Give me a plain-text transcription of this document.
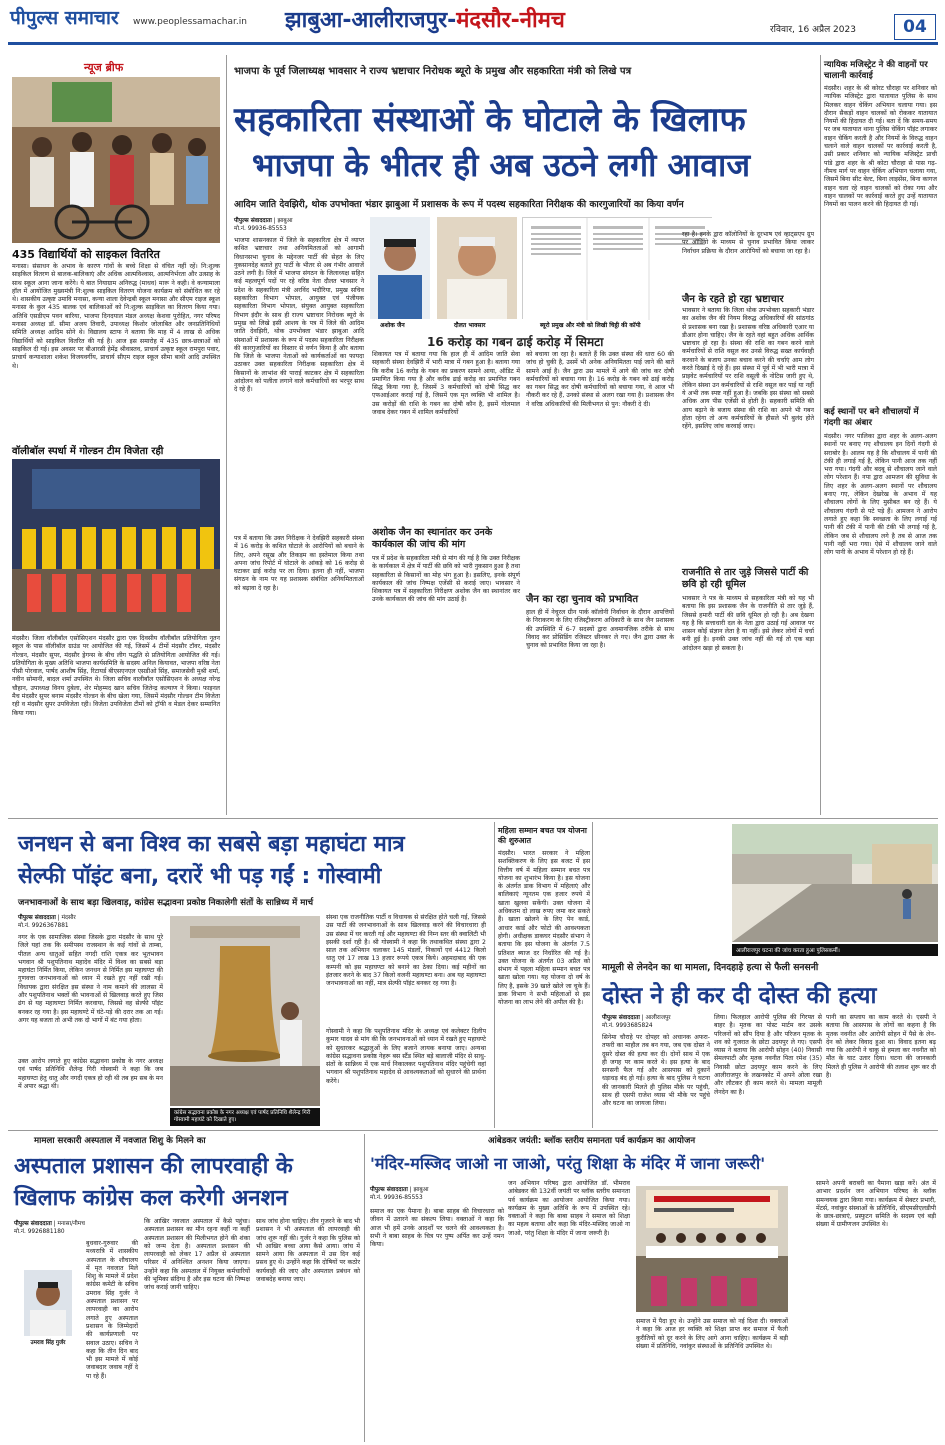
पीपुल्स समाचार www.peoplessamachar.in झाबुआ-आलीराजपुर-मंदसौर-नीमच	रविवार, 16 अप्रैल 2023	04
न्यूज ब्रीफ
435 विद्यार्थियों को साइकल वितरित
मनासा। संसाधन के अभाव के कारण गांवों के बच्चे शिक्षा से वंचित नहीं रहें। नि:शुल्क साइकिल वितरण से बालक-बालिकाएं और अधिक आत्मविश्वास, आत्मनिर्भरता और उत्साह के साथ स्कूल आना जाना करेंगे। ये बात नियाग्राम अनिरुद्ध (माधव) मारू ने कही। वे कन्यामाला हॉल में आयोजित मुख्यमंत्री नि:शुल्क साइकिल वितरण योजना कार्यक्रम को संबोधित कर रहे थे। शासकीय उत्कृष्ट उमावि मनासा, कन्या शाला देवेन्द्रबी स्कूल मनासा और सीएम राइज स्कूल मनासा के कुल 435 बालक एवं बालिकाओं को नि:शुल्क साइकिल का वितरण किया गया। अतिथि एसडीएम पवन बारिया, भाजपा दिनदयाल मंडल अध्यक्ष केशवा पुरोहित, नगर परिषद मनासा अध्यक्ष डॉ. सीमा अजय तिवारी, उपाध्यक्ष किशोर जोलाबित और जनप्रतिनिधियों समिति अध्यक्ष आदिम सोने थे। विद्यालय स्टाफ ने बताया कि माह में 4 लाख से अधिक विद्यार्थियों को साइकिल वितरित की गई है। आज इस समारोह में 435 छात्र-छात्राओं को साइकिल दी गई। इस अवसर पर बीआरसी हेमेंद्र श्रीवास्तव, प्राचार्य उत्कृष्ट स्कूल रामपुरा पवार, प्राचार्य कन्याशाला शकेश विजयवर्गीय, प्राचार्य सीएम राइज स्कूल सीमा बाथी आदि उपस्थित थे।
वॉलीबॉल स्पर्धा में गोल्डन टीम विजेता रही
मंदसौर। जिला वॉलीबॉल एसोसिएशन मंदसौर द्वारा एक दिवसीय वॉलीबॉल प्रतियोगिता नूतन स्कूल के पास वॉलीबॉल ग्राउंड पर आयोजित की गई, जिसमें 4 टीमों मंदसौर टॉवर, मंदसौर गोल्डन, मंदसौर सुपर, मंदसौर ड्रेगन्स के बीच लीग पद्धति से प्रतियोगिता आयोजित की गई। प्रतियोगिता के मुख्य अतिथि भाजपा कार्यसमिति के सदस्य अनिल कियावत, भाजपा वरिष्ठ नेता पीसी पोरवाल, पार्षद आशीष सिंह, रिटायर्ड बीएसएनएल एसडीओ सिंह, समाजसेवी मुश्री शर्मा, नवीन सोमानी, बादल शर्मा उपस्थित थे। जिला सचिव वालीबॉल एसोसिएशन के अध्यक्ष नरेन्द्र चौहान, उपाध्यक्ष विनय दुबेला, शेर मोहम्मद खान सचिव जितेन्द्र कल्याण ने किया। फाइनल मैच मंदसौर सुपर बनाम मंदसौर गोल्डन के बीच खेला गया, जिसमें मंदसौर गोल्डन टीम विजेता रही व मंदसौर सुपर उपविजेता रही। विजेता उपविजेता टीमों को ट्रॉफी व मेडल देकर सम्मानित किया गया।
भाजपा के पूर्व जिलाध्यक्ष भावसार ने राज्य भ्रष्टाचार निरोधक ब्यूरो के प्रमुख और सहकारिता मंत्री को लिखे पत्र
सहकारिता संस्थाओं के घोटाले के खिलाफ
भाजपा के भीतर ही अब उठने लगी आवाज
आदिम जाति देवझिरी, थोक उपभोक्ता भंडार झाबुआ में प्रशासक के रूप में पदस्थ सहकारिता निरीक्षक की कारगुजारियों का किया वर्णन
पीपुल्स संवाददाता | झाबुआ
मो.नं. 99936-85553
भाजपा शासनकाल में जिले के सहकारिता क्षेत्र में व्याप्त कथित भ्रष्टाचार तथा अनियमितताओं को आगामी विधानसभा चुनाव के मद्देनजर पार्टी की सेहत के लिए नुकसानदेह बताते हुए पार्टी के भीतर से अब गंभीर आवाजें उठने लगी है। जिले में भाजपा संगठन के जिलाध्यक्ष सहित कई महत्वपूर्ण पदों पर रहे वरिष्ठ नेता दौलत भावसार ने प्रदेश के सहकारिता मंत्री अरविंद भदौरिया, प्रमुख सचिव सहकारिता विभाग भोपाल, आयुक्त एवं पंजीयक सहकारिता विभाग भोपाल, संयुक्त आयुक्त सहकारिता विभाग इंदौर के साथ ही राज्य भ्रष्टाचार निरोधक ब्यूरो के प्रमुख को लिखे इसी आशय के पत्र में जिले की आदिम जाति देवझिरी, थोक उपभोक्ता भंडार झाबुआ आदि संस्थाओं में प्रशासक के रूप में पदस्थ सहकारिता निरीक्षक की कारगुजारियों का विस्तार से वर्णन किया है और बताया कि जिले के भाजपा नेताओं को कार्यकर्ताओं का फायदा उठाकर उक्त सहकारिता निरीक्षक सहकारिता क्षेत्र में किसानों के लाभांश की पाराई काटकर क्षेत्र में सहकारिता आंदोलन को पलीता लगाने वाले कर्मचारियों का भरपूर साथ दे रहे हैं।
पत्र में बताया कि उक्त निरीक्षक ने देवझिरी सहकारी संस्था में 16 करोड़ के कथित घोटाले के आरोपियों को बचाने के लिए, अपने रसूख और तिकड़म का इस्तेमाल किया तथा अपना जांच रिपोर्ट में घोटाले के आंकड़े को 16 करोड़ से घटाकर ढाई करोड़ पर ला दिया। इतना ही नहीं, भाजपा संगठन के नाम पर यह प्रशासक संबंधित अनियमितताओं को बढ़ावा दे रहा है।
अशोक जैन	दौलत भावसार	ब्यूरो प्रमुख और मंत्री को लिखी चिट्ठी की कॉपी
16 करोड़ का गबन ढाई करोड़ में सिमटा
शिकायत पत्र में बताया गया कि हाल ही में आदिम जाति सेवा सहकारी संस्था देवझिरी में भारी मात्रा में गबन हुआ है। बताया गया कि करीब 16 करोड़ के गबन का प्रकरण सामने आया, ऑडिट में प्रमाणित किया गया है और करीब ढाई करोड़ का प्रमाणित गबन सिद्ध किया गया है, जिसमें 3 कर्मचारियों को दोषी सिद्ध कर एफआईआर कराई गई है, जिसमें एक मृत व्यक्ति भी शामिल है। उस करोड़ों की राशि के गबन का दोषी कौन है, इसमें गोलमाल जवाब देकर गबन में शामिल कर्मचारियों
को बचाया जा रहा है। बताते हैं कि उक्त संस्था की धारा 60 की जांच हो चुकी है, उसमें भी अनेक अनियमितता पाई जाने की बातें सामने आई है। जैन द्वारा उस मामले में आगे की जांच कर दोषी कर्मचारियों को बचाया गया है। 16 करोड़ के गबन को ढाई करोड़ का गबन सिद्ध कर दोषी कर्मचारियों को बचाया गया, वे आज भी नौकरी कर रहे हैं, उनको संस्था से अलग रखा गया है। प्रशासक जैन ने वरिष्ठ अधिकारियों की मिलीभगत से पुन: नौकरी दे दी।
अशोक जैन का स्थानांतर कर उनके कार्यकाल की जांच की मांग
पत्र में प्रदेश के सहकारिता मंत्री से मांग की गई है कि उक्त निरीक्षक के कार्यकाल में क्षेत्र में पार्टी की छवि को भारी नुकसान हुआ है तथा सहकारिता से किसानों का मोह भंग हुआ है। इसलिए, इनके संपूर्ण कार्यकाल की जांच निष्पक्ष एजेंसी से कराई जाए। भावसार ने शिकायत पत्र में सहकारिता निरीक्षण अशोक जैन का स्थानांतर कर उनके कार्यकाल की जांच की मांग उठाई है।	जैन का रहा चुनाव को प्रभावित
हाल ही में नेचुरल ग्रीन पार्क कॉलोनी निर्वाचन के दौरान आपत्तियों के निराकरण के लिए रजिस्ट्रीकरण अधिकारी के साथ जैन प्रशासक की उपस्थिति में 6-7 सदस्यों द्वारा अवमानजिक तरीके से साथ विवाद कर प्रोसिडिंग रजिस्टर छीनकर ले गए। जैन द्वारा उक्त के चुनाव को प्रभावित किया जा रहा है।
रहा है। इनके द्वारा कॉलोनियों के दूरभाष एवं व्हाट्सएप ग्रुप पर ऑडियो के माध्यम से चुनाव प्रभावित किया जाकर निर्वाचन प्रक्रिया के दौरान आरोपियों को बचाया जा रहा है।
जैन के रहते हो रहा भ्रष्टाचार
भावसार ने बताया कि जिला थोक उपभोक्ता सहकारी भंडार का अशोक जैन की नियम विरुद्ध अधिकारियों की सांठगांठ से प्रशासक बना रखा है। प्रशासक वरिष्ठ अधिकारी एआर या डीआर होना चाहिए। जैन के रहते वहां बहुत अधिक आर्थिक भ्रष्टाचार हो रहा है। संस्था की राशि का गबन करने वाले कर्मचारियों से राशि वसूल कर उनसे विरुद्ध सख्त कार्यवाही करवाने के बजाय उनका बचाव करने की चर्चाएं आम लोग करते दिखाई दे रहे हैं। इस संस्था में पूर्व में भी भारी मात्रा में प्राइवेट कर्मचारियों पर राशि वसूली के नोटिस जारी हुए थे, लेकिन संस्था उन कर्मचारियों से राशि वसूल कर पाई या नहीं ये अभी तक स्पष्ट नहीं हुआ है। जबकि इस संस्था को सबसे अधिक आय पीस एजेंसी से होती है। सहकारी समिति की आय बढ़ाने के बजाय संस्था की राशि का अपने भी गबन होता रहेगा तो अन्य कर्मचारियों के हौसले भी बुलंद होते रहेंगे, इसलिए जांच करवाई जाए।
राजनीति से तार जुड़े जिससे पार्टी की छवि हो रही धूमिल
भावसार ने पत्र के माध्यम से सहकारिता मंत्री को यह भी बताया कि इस प्रशासक जैन के राजनीति से तार जुड़े हैं, जिससे हमारी पार्टी की छवि धूमिल हो रही है। अब देखना यह है कि सत्ताधारी दल के नेता द्वारा उठाई गई आवाज पर शासन कोई संज्ञान लेता है या नहीं। इसे लेकर लोगों में चर्चा बनी हुई है। इनकी उक्त जांच नहीं की गई तो एक बड़ा आंदोलन खड़ा हो सकता है।
न्यायिक मजिस्ट्रेट ने की वाहनों पर चालानी कार्रवाई
मंदसौर। शहर के श्री कोरट चौराहा पर शनिवार को न्यायिक मजिस्ट्रेट द्वारा यातायात पुलिस के साथ मिलकर वाहन चेकिंग अभियान चलाया गया। इस दौरान सैकड़ों वाहन चालकों को रोककर यातायात नियमों की हिदायत दी गई। बता दें कि समय-समय पर जब यातायात थाना पुलिस चेकिंग पॉइंट लगाकर वाहन चेकिंग करती है और नियमों के विरुद्ध वाहन चलाने वाले वाहन चालकों पर कार्रवाई करती है, उसी प्रकार शनिवार को न्यायिक मजिस्ट्रेट प्राची पांडे द्वारा शहर के श्री कोटा चौराहा से पास गढ़-नीमच मार्ग पर वाहन चेकिंग अभियान चलाया गया, जिसमें बिना सीट बेल्ट, बिना लाइसेंस, बिना कागज वाहन चला रहे वाहन चालकों को रोका गया और वाहन चालकों पर कार्रवाई करते हुए उन्हें यातायात नियमों का पालन करने की हिदायत दी गई।
कई स्थानों पर बने शौचालयों में गंदगी का अंबार
मंदसौर। नगर पालिका द्वारा शहर के अलग-अलग स्थानों पर बनाए गए शौचालय इन दिनों गंदगी से सराबोर है। आलम यह है कि शौचालय में पानी की टंकी ही लगाई गई है, लेकिन पानी आज तक नहीं भरा गया। गंदगी और बदबू से शौचालय जाने वाले लोग परेशान हैं। नपा द्वारा आमजन की सुविधा के लिए शहर के अलग-अलग स्थानों पर शौचालय बनाए गए, लेकिन देखरेख के अभाव में यह शौचालय लोगों के लिए मुसीबत बन रहे हैं। ये शौचालय गंदगी से पटे पड़े हैं। आमजन ने आरोप लगाते हुए कहा कि स्वच्छता के लिए लगाई गई पानी की टंकी में पानी की टंकी भी लगाई गई है, लेकिन जब से शौचालय लगे है तब से आज तक पानी नहीं भरा गया। ऐसे में शौचालय जाने वाले लोग पानी के अभाव में परेशान हो रहे हैं।
जनधन से बना विश्व का सबसे बड़ा महाघंटा मात्र
सेल्फी पॉइंट बना, दरारें भी पड़ गईं : गोस्वामी
जनभावनाओं के साथ बड़ा खिलवाड़, कांग्रेस सद्भावना प्रकोष्ठ निकालेगी संतों के सान्निध्य में मार्च
पीपुल्स संवाददाता | मंदसौर
मो.नं. 9926367881
नगर के एक सामाजिक संस्था जिसके द्वारा मंदसौर के साथ पूरे जिले यहां तक कि समीपस्थ राजस्थान के कई गांवों से ताम्बा, पीतल अन्य धातुओं सहित नगदी राशि एकत्र कर भूतभावन भगवान श्री पशुपतिनाथ महादेव मंदिर में विश्व का सबसे बड़ा महाघंटा निर्मित किया, लेकिन जनधन से निर्मित इस महाघण्टा की गुणवत्ता जनभावनाओं को ध्यान में रखते हुए नहीं रखी गई। विधायक द्वारा संरक्षित इस संस्था ने नाम कमाने की लालसा में और पशुपतिनाथ भक्तों की भावनाओं से खिलवाड़ करते हुए जिस ढंग से यह महाघण्टा निर्मित करवाया, जिससे वह सेल्फी पॉइंट बनकर रह गया है। इस महाघण्टे में घंटे-पड़े की दरार तक आ गई। अगर यह बजता तो अभी तक दो भागों में बंट गया होता।
उक्त आरोप लगाते हुए कांग्रेस सद्भावना प्रकोष्ठ के नगर अध्यक्ष एवं पार्षद प्रतिनिधि शैलेन्द्र गिरी गोस्वामी ने कहा कि जब महाघण्टा हेतु धातु और नगदी एकत्र हो रही थी तब हम सब के मन में अपार श्रद्धा थी।
कांग्रेस सद्भावना प्रकोष्ठ के नगर अध्यक्ष एवं पार्षद प्रतिनिधि शैलेन्द्र गिरी गोस्वामी महाघंटे को दिखाते हुए।
संस्था एक राजनीतिक पार्टी व विधायक से संरक्षित होते चली गई, जिससे उस पार्टी की जनभावनाओं के साथ खिलवाड़ करने की विचारधारा ही उस संस्था में घर करती गई और महाघण्टा की निम्न स्तर की क्वालिटी भी इसकी दर्शा रही है। श्री गोस्वामी ने कहा कि तथाकथित संस्था द्वारा 2 साल तक अभियान चलाकर 145 मंडलों, निकायों एवं 4412 किलो धातु एवं 17 लाख 13 हजार रूपये एकत्र किये। अहमदाबाद की एक कम्पनी को इस महाघण्टा को बनाने का ठेका दिया। कई महीनों का इंतजार करने के बाद 37 किलो वजनी महाघण्टा बना। अब यह महाघण्टा जनभावनाओं का नहीं, मात्र सेल्फी पॉइंट बनकर रह गया है।
गोस्वामी ने कहा कि पशुपतिनाथ मंदिर के अध्यक्ष एवं कलेक्टर दिलीप कुमार यादव से मांग की कि जनभावनाओं को ध्यान में रखते हुए महाघण्टे को सुधारकर श्रद्धालुओं के लिए बजाने लायक बनाया जाए। अन्यथा कांग्रेस सद्भावना प्रकोष्ठ नेहरू बस स्टैंड स्थित बड़े बालाजी मंदिर से साधु-संतों के सान्निध्य में एक मार्च निकालकर पशुपतिनाथ मंदिर पहुंचेगी वहां भगवान श्री पशुपतिनाथ महादेव से आवश्यकताओं को सुधारने की प्रार्थना करेंगे।
महिला सम्मान बचत पत्र योजना की शुरुआत
मंदसौर। भारत सरकार ने महिला सशक्तिकरण के लिए इस बजट में इस वित्तीय वर्ष में महिला सम्मान बचत पत्र योजना का शुभारंभ किया है। इस योजना के अंतर्गत डाक विभाग में महिलाएं और बालिकाएं न्यूनतम एक हजार रुपये में खाता खुलवा सकेंगी। उक्त योजना में अधिकतम दो लाख रुपए जमा कर सकते हैं। खाता खोलने के लिए पेन कार्ड, आधार कार्ड और फोटो की आवश्यकता होगी। अधीक्षक डाकघर मंदसौर संभाग ने बताया कि इस योजना के अंतर्गत 7.5 प्रतिशत ब्याज दर निर्धारित की गई है। उक्त योजना के अंतर्गत 03 अप्रैल को संभाग में पहला महिला सम्मान बचत पत्र खाता खोला गया। यह योजना दो वर्ष के लिए है, इसके 39 खाते खोले जा चुके हैं। डाक विभाग ने सभी महिलाओं से इस योजना का लाभ लेने की अपील की है।
आलीराजपुर घटना की जांच करता हुआ पुलिसकर्मी।
मामूली से लेनदेन का था मामला, दिनदहाड़े हत्या से फैली सनसनी
दोस्त ने ही कर दी दोस्त की हत्या
पीपुल्स संवाददाता | आलीराजपुर
मो.नं. 9993685824
सिनेमा चौराहे पर दोपहर को अचानक अफरा-तफरी का माहौल तब बन गया, जब एक दोस्त ने दूसरे दोस्त की हत्या कर दी। दोनों साथ में एक ही जगह पर काम करते थे। इस हत्या के बाद सनसनी फैल गई और आसपास को दुकानें धड़ाधड़ बंद हो गई। हत्या के बाद पुलिस ने घटना की जानकारी मिलते ही पुलिस मौके पर पहुंची, साथ ही एसपी राजेश व्यास भी मौके पर पहुंचे और घटना का जायजा लिया।
लिया। फिलहाल आरोपी पुलिस की गिरफ्त से बाहर है। मृतक का पोस्ट मार्टम कर उसके परिजनों को सौंप दिया है और परिजन मृतक के शव को गुजरात के छोटा उदयपुर ले गए। एसपी व्यास ने बताया कि आरोपी सोहन (40) निवासी सेमलपाटी और मृतक नवनीत पिता रमेश (35) निवासी छोटा उदयपुर काम करने के लिए आलीराजपुर के लखनकोट में अपने ओला रखा और लौटकर ही काम करते थे। मामला मामूली लेनदेन का है।
पानी का सप्लाय का काम करते थे। एसपी ने बताया कि आसपास के लोगों का कहना है कि मृतक नवनीत और आरोपी सोहन में पैसे के लेन-देन को लेकर विवाद हुआ था। विवाद इतना बढ़ गया कि आरोपी ने चाकू से हमला कर नवनीत को मौत के घाट उतार दिया। घटना की जानकारी मिलते ही पुलिस ने आरोपी की तलाश शुरू कर दी है।
मामला सरकारी अस्पताल में नवजात शिशु के मिलने का
अस्पताल प्रशासन की लापरवाही के
खिलाफ कांग्रेस कल करेगी अनशन
पीपुल्स संवाददाता | मनासा/नीमच
मो.नं. 9926881180
उमराव सिंह गुर्जर
बुधवार-गुरुवार की मध्यरात्रि में शासकीय अस्पताल के शौचालय में मृत नवजात मिले शिशु के मामले में प्रदेश कांग्रेस कमेटी के सचिव उमराव सिंह गुर्जर ने अस्पताल प्रशासन पर लापरवाही का आरोप लगाते हुए अस्पताल प्रशासन के जिम्मेदारों की कार्यप्रणाली पर सवाल उठाए। सचिव ने कहा कि तीन दिन बाद भी इस मामले में कोई जवाबदार जवाब नहीं दे पा रहे हैं।
कि आखिर नवजात अस्पताल में कैसे पहुंचा। अस्पताल प्रशासन का मौन रहना कहीं ना कहीं अस्पताल प्रशासन की मिलीभगत होने की शंका को जन्म देता है। अस्पताल प्रशासन की लापरवाही को लेकर 17 अप्रैल से अस्पताल परिसर में अनिश्चित अनशन किया जाएगा। उन्होंने कहा कि अस्पताल में नियुक्त कर्मचारियों की भूमिका संदिग्ध है और इस घटना की निष्पक्ष जांच कराई जानी चाहिए।
साथ जांच होना चाहिए। तीन गुजरने के बाद भी प्रशासन ने भी अस्पताल की लापरवाही की जांच शुरू नहीं की। गुर्जर ने कहा कि पुलिस को भी आखिर बच्चा आया कैसे आया। जांच में सामने आया कि अस्पताल में उस दिन कई प्रसव हुए थे। उन्होंने कहा कि दोषियों पर कठोर कार्यवाही की जाए और अस्पताल प्रबंधन को जवाबदेह बनाया जाए।
आंबेडकर जयंती: ब्लॉक स्तरीय समानता पर्व कार्यक्रम का आयोजन
'मंदिर-मस्जिद जाओ ना जाओ, परंतु शिक्षा के मंदिर में जाना जरूरी'
पीपुल्स संवाददाता | झाबुआ
मो.नं. 99936-85553
जन अभियान परिषद द्वारा आयोजित डॉ. भीमराव आंबेडकर की 132वीं जयंती पर ब्लॉक स्तरीय समानता पर्व कार्यक्रम का आयोजन आयोजित किया गया। कार्यक्रम के मुख्य अतिथि के रूप में उपस्थित रहे। वक्ताओं ने कहा कि बाबा साहब ने समाज को शिक्षा का महत्व बताया और कहा कि मंदिर-मस्जिद जाओ ना जाओ, परंतु शिक्षा के मंदिर में जाना जरूरी है।
समाज में पैदा हुए थे। उन्होंने उस समाज को नई दिशा दी। वक्ताओं ने कहा कि आज हर व्यक्ति को शिक्षा प्राप्त कर समाज में फैली कुरीतियों को दूर करने के लिए आगे आना चाहिए। कार्यक्रम में बड़ी संख्या में प्रतिनिधि, नवांकुर संस्थाओं के प्रतिनिधि उपस्थित थे।
सामने अपनी बराबरी का पैमाना खड़ा करें। अंत में आभार प्रदर्शन जन अभियान परिषद के ब्लॉक समन्वयक द्वारा किया गया। कार्यक्रम में सेक्टर प्रभारी, मेंटर्स, नवांकुर संस्थाओं के प्रतिनिधि, सीएमसीएलडीपी के छात्र-छात्राएं, प्रस्फुटन समिति के सदस्य एवं बड़ी संख्या में ग्रामीणजन उपस्थित थे।
समाज का एक पैमाना है। बाबा साहब की विचारधारा को जीवन में उतारने का संकल्प लिया। वक्ताओं ने कहा कि आज भी हमें उनके आदर्शों पर चलने की आवश्यकता है। सभी ने बाबा साहब के चित्र पर पुष्प अर्पित कर उन्हें नमन किया।
